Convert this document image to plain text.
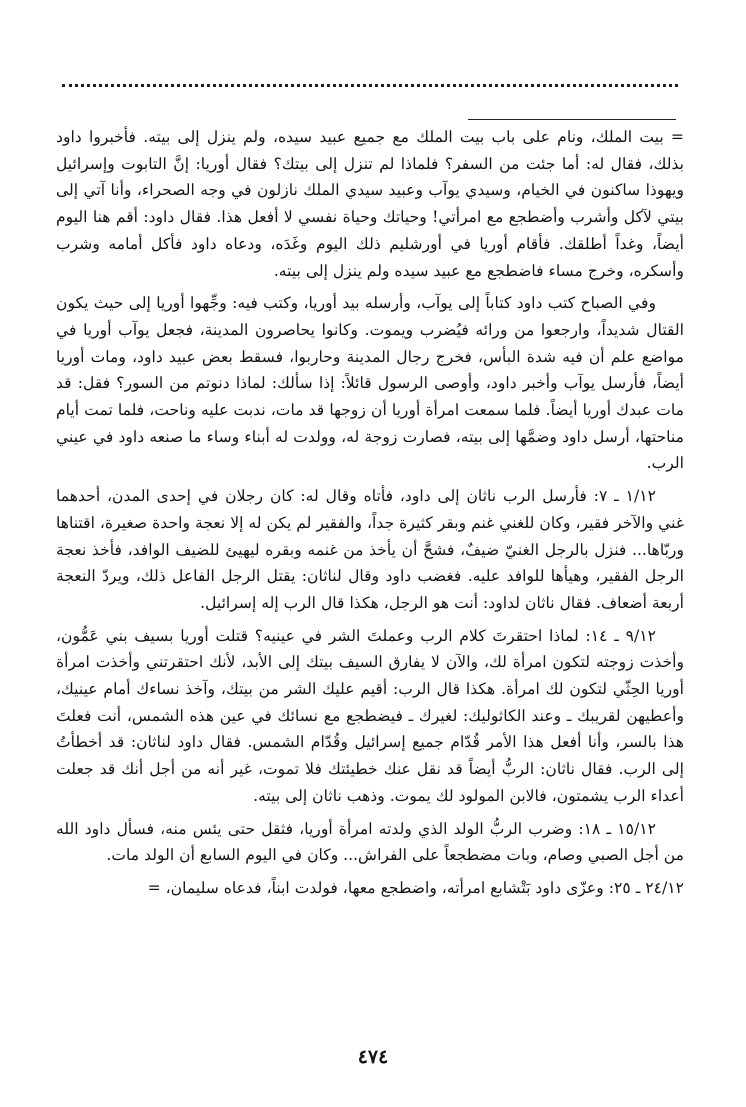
= بيت الملك، ونام على باب بيت الملك مع جميع عبيد سيده، ولم ينزل إلى بيته. فأخبروا داود بذلك، فقال له: أما جئت من السفر؟ فلماذا لم تنزل إلى بيتك؟ فقال أوريا: إنَّ التابوت وإسرائيل ويهوذا ساكنون في الخيام، وسيدي يوآب وعبيد سيدي الملك نازلون في وجه الصحراء، وأنا آتي إلى بيتي لآكل وأشرب وأضطجع مع امرأتي! وحياتك وحياة نفسي لا أفعل هذا. فقال داود: أقم هنا اليوم أيضاً، وغداً أطلقك. فأقام أوريا في أورشليم ذلك اليوم وغَدَه، ودعاه داود فأكل أمامه وشرب وأسكره، وخرج مساء فاضطجع مع عبيد سيده ولم ينزل إلى بيته.

وفي الصباح كتب داود كتاباً إلى يوآب، وأرسله بيد أوريا، وكتب فيه: وجِّهوا أوريا إلى حيث يكون القتال شديداً، وارجعوا من ورائه فيُضرب ويموت. وكانوا يحاصرون المدينة، فجعل يوآب أوريا في مواضع علم أن فيه شدة البأس، فخرج رجال المدينة وحاربوا، فسقط بعض عبيد داود، ومات أوريا أيضاً، فأرسل يوآب وأخبر داود، وأوصى الرسول قائلاً: إذا سألك: لماذا دنوتم من السور؟ فقل: قد مات عبدك أوريا أيضاً. فلما سمعت امرأة أوريا أن زوجها قد مات، ندبت عليه وناحت، فلما تمت أيام مناحتها، أرسل داود وضمَّها إلى بيته، فصارت زوجة له، وولدت له أبناء وساء ما صنعه داود في عيني الرب.

١/١٢ ـ ٧: فأرسل الرب ناثان إلى داود، فأتاه وقال له: كان رجلان في إحدى المدن، أحدهما غني والآخر فقير، وكان للغني غنم وبقر كثيرة جداً، والفقير لم يكن له إلا نعجة واحدة صغيرة، اقتناها وربّاها... فنزل بالرجل الغنيّ ضيفٌ، فشحَّ أن يأخذ من غنمه وبقره ليهيئ للضيف الوافد، فأخذ نعجة الرجل الفقير، وهيأها للوافد عليه. فغضب داود وقال لناثان: يقتل الرجل الفاعل ذلك، ويردّ النعجة أربعة أضعاف. فقال ناثان لداود: أنت هو الرجل، هكذا قال الرب إله إسرائيل.

٩/١٢ ـ ١٤: لماذا احتقرتَ كلام الرب وعملتَ الشر في عينيه؟ قتلت أوريا بسيف بني عَمُّون، وأخذت زوجته لتكون امرأة لك، والآن لا يفارق السيف بيتك إلى الأبد، لأنك احتقرتني وأخذت امرأة أوريا الحِثّي لتكون لك امرأة. هكذا قال الرب: أقيم عليك الشر من بيتك، وآخذ نساءك أمام عينيك، وأعطيهن لقريبك ـ وعند الكاثوليك: لغيرك ـ فيضطجع مع نسائك في عين هذه الشمس، أنت فعلتَ هذا بالسر، وأنا أفعل هذا الأمر قُدّام جميع إسرائيل وقُدّام الشمس. فقال داود لناثان: قد أخطأتُ إلى الرب. فقال ناثان: الربُّ أيضاً قد نقل عنك خطيئتك فلا تموت، غير أنه من أجل أنك قد جعلت أعداء الرب يشمتون، فالابن المولود لك يموت. وذهب ناثان إلى بيته.

١٥/١٢ ـ ١٨: وضرب الربُّ الولد الذي ولدته امرأة أوريا، فثقل حتى يئس منه، فسأل داود الله من أجل الصبي وصام، وبات مضطجعاً على الفراش... وكان في اليوم السابع أن الولد مات.

٢٤/١٢ ـ ٢٥: وعزّى داود بَتْشابع امرأته، واضطجع معها، فولدت ابناً، فدعاه سليمان، =

٤٧٤
